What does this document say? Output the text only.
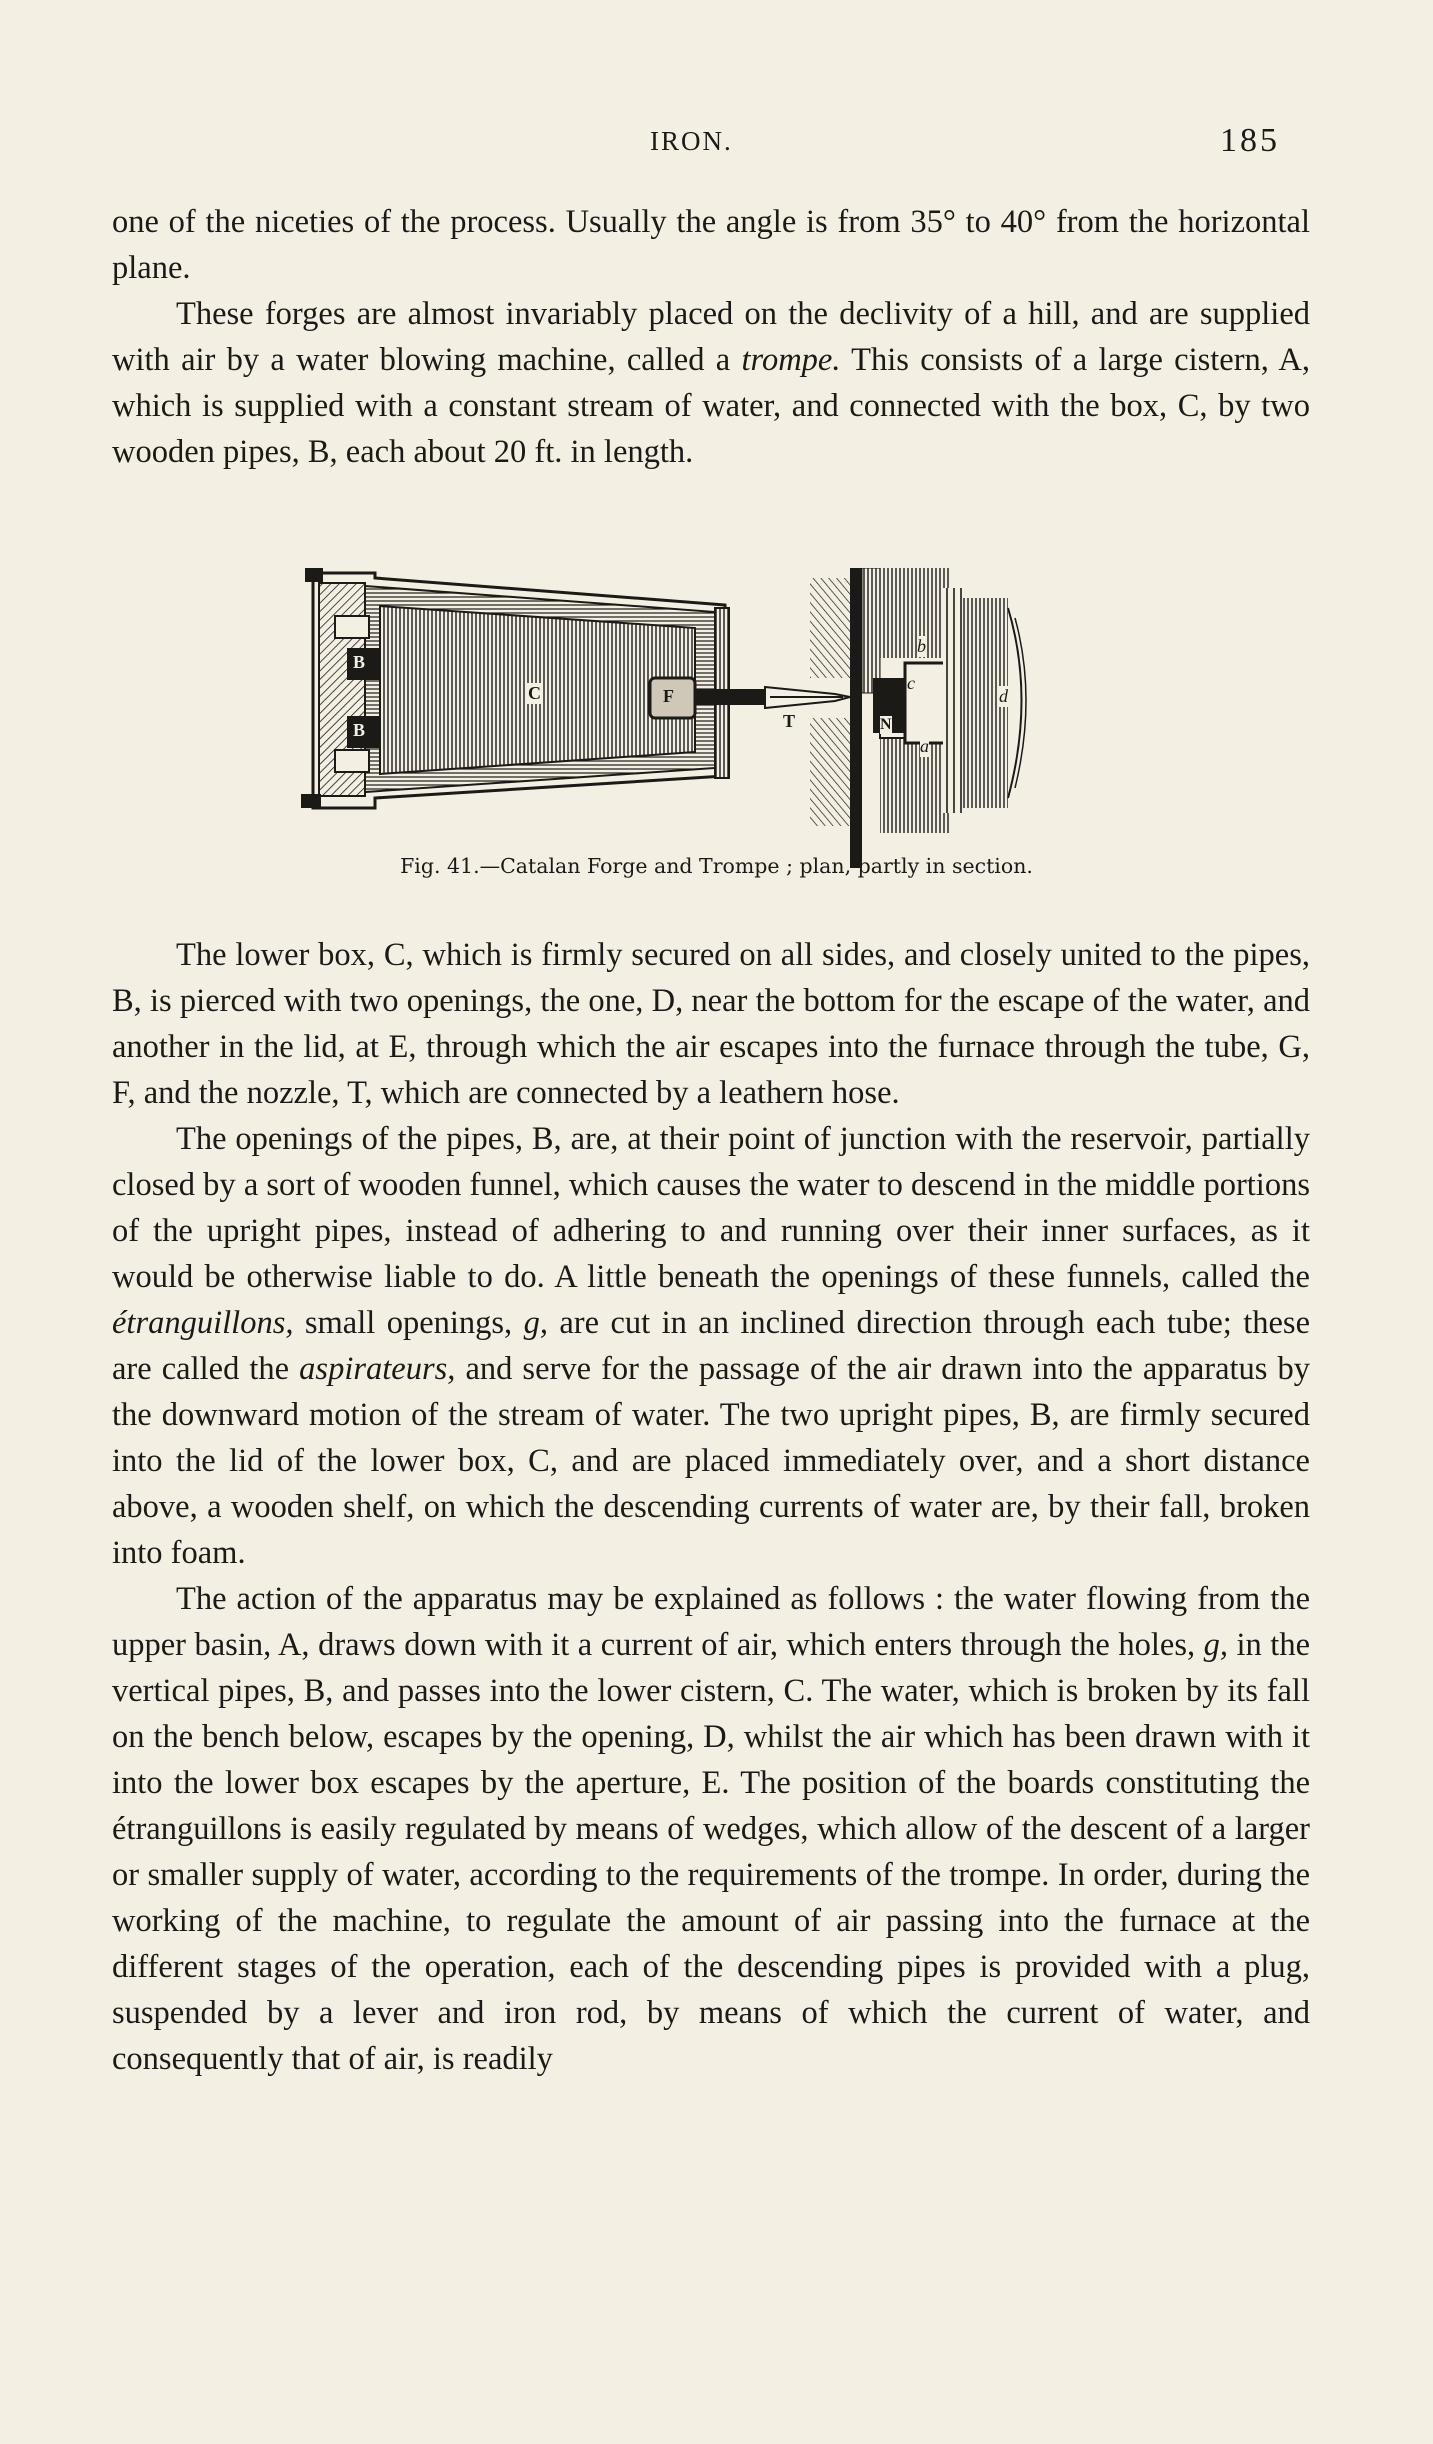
IRON.	185

one of the niceties of the process. Usually the angle is from 35° to 40° from the horizontal plane.

These forges are almost invariably placed on the declivity of a hill, and are supplied with air by a water blowing machine, called a trompe. This consists of a large cistern, A, which is supplied with a constant stream of water, and connected with the box, C, by two wooden pipes, B, each about 20 ft. in length.

B
B
C	F
T
c
N
b
a
d
Fig. 41.—Catalan Forge and Trompe ; plan, partly in section.

The lower box, C, which is firmly secured on all sides, and closely united to the pipes, B, is pierced with two openings, the one, D, near the bottom for the escape of the water, and another in the lid, at E, through which the air escapes into the furnace through the tube, G, F, and the nozzle, T, which are connected by a leathern hose.

The openings of the pipes, B, are, at their point of junction with the reservoir, partially closed by a sort of wooden funnel, which causes the water to descend in the middle portions of the upright pipes, instead of adhering to and running over their inner surfaces, as it would be otherwise liable to do. A little beneath the openings of these funnels, called the étranguillons, small openings, g, are cut in an inclined direction through each tube; these are called the aspirateurs, and serve for the passage of the air drawn into the apparatus by the downward motion of the stream of water. The two upright pipes, B, are firmly secured into the lid of the lower box, C, and are placed immediately over, and a short distance above, a wooden shelf, on which the descending currents of water are, by their fall, broken into foam.

The action of the apparatus may be explained as follows : the water flowing from the upper basin, A, draws down with it a current of air, which enters through the holes, g, in the vertical pipes, B, and passes into the lower cistern, C. The water, which is broken by its fall on the bench below, escapes by the opening, D, whilst the air which has been drawn with it into the lower box escapes by the aperture, E. The position of the boards constituting the étranguillons is easily regulated by means of wedges, which allow of the descent of a larger or smaller supply of water, according to the requirements of the trompe. In order, during the working of the machine, to regulate the amount of air passing into the furnace at the different stages of the operation, each of the descending pipes is provided with a plug, suspended by a lever and iron rod, by means of which the current of water, and consequently that of air, is readily
